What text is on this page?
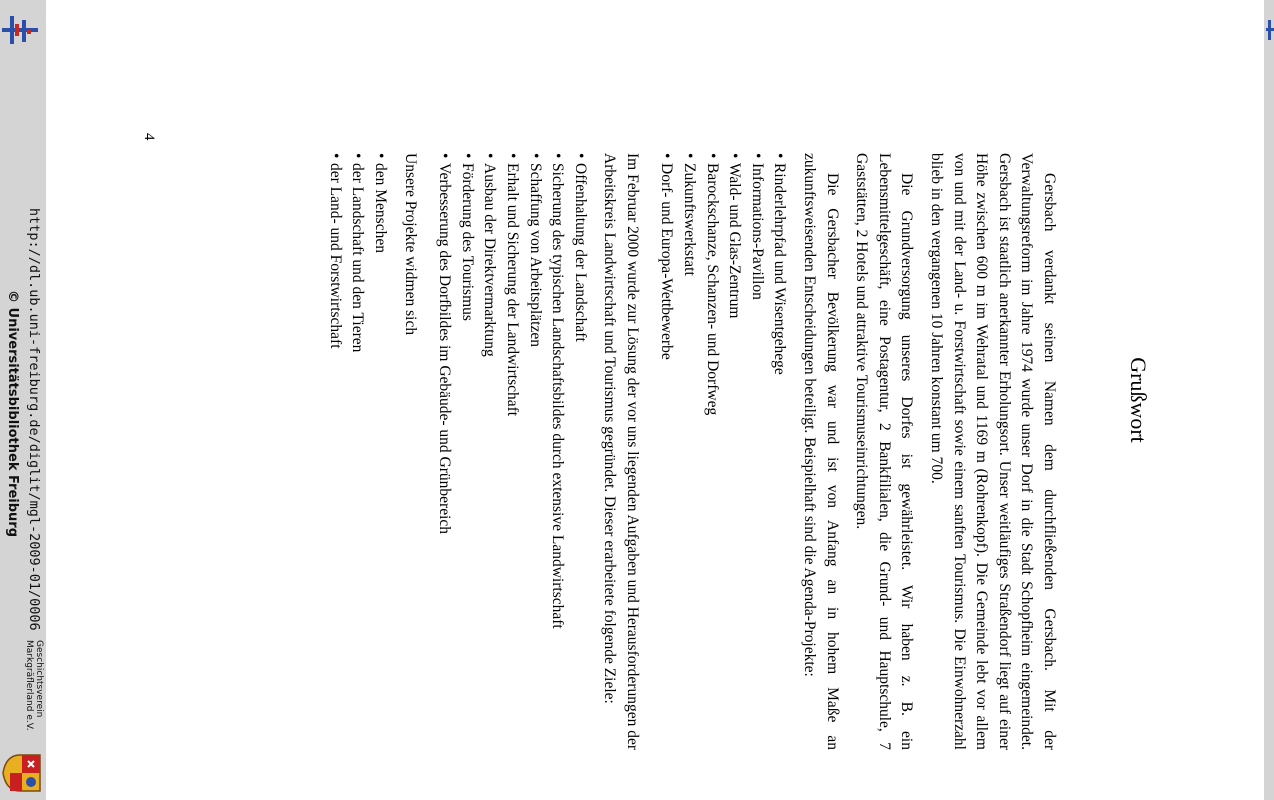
Grußwort

Gersbach verdankt seinen Namen dem durchfließenden Gersbach. Mit der Verwaltungsreform im Jahre 1974 wurde unser Dorf in die Stadt Schopfheim eingemeindet. Gersbach ist staatlich anerkannter Erholungsort. Unser weitläufiges Straßendorf liegt auf einer Höhe zwischen 600 m im Wehratal und 1169 m (Rohrenkopf). Die Gemeinde lebt vor allem von und mit der Land- u. Forstwirtschaft sowie einem sanften Tourismus. Die Einwohnerzahl blieb in den vergangenen 10 Jahren konstant um 700.

Die Grundversorgung unseres Dorfes ist gewährleistet. Wir haben z. B. ein Lebensmittelgeschäft, eine Postagentur, 2 Bankfilialen, die Grund- und Hauptschule, 7 Gaststätten, 2 Hotels und attraktive Tourismuseinrichtungen.

Die Gersbacher Bevölkerung war und ist von Anfang an in hohem Maße an zukunftsweisenden Entscheidungen beteiligt. Beispielhaft sind die Agenda-Projekte:

• Rinderlehrpfad und Wisentgehege
• Informations-Pavillon
• Wald- und Glas-Zentrum
• Barockschanze, Schanzen- und Dorfweg
• Zukunftswerkstatt
• Dorf- und Europa-Wettbewerbe

Im Februar 2000 wurde zur Lösung der vor uns liegenden Aufgaben und Herausforderungen der Arbeitskreis Landwirtschaft und Tourismus gegründet. Dieser erarbeitete folgende Ziele:

• Offenhaltung der Landschaft
• Sicherung des typischen Landschaftsbildes durch extensive Landwirtschaft
• Schaffung von Arbeitsplätzen
• Erhalt und Sicherung der Landwirtschaft
• Ausbau der Direktvermarktung
• Förderung des Tourismus
• Verbesserung des Dorfbildes im Gebäude- und Grünbereich

Unsere Projekte widmen sich

• den Menschen
• der Landschaft und den Tieren
• der Land- und Forstwirtschaft
4
http://dl.ub.uni-freiburg.de/diglit/mgl-2009-01/0006
© Universitätsbibliothek Freiburg
Geschichtsverein
Markgräflerland e.V.
